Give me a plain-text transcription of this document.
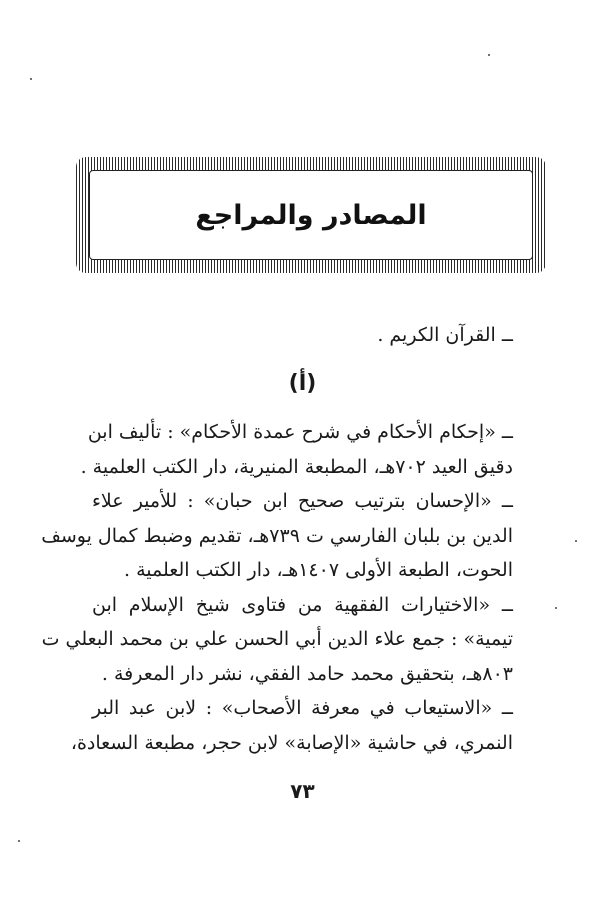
المصادر والمراجع
ــ القرآن الكريم .
(أ)
ــ «إحكام الأحكام في شرح عمدة الأحكام» : تأليف ابن
دقيق العيد ٧٠٢هـ، المطبعة المنيرية، دار الكتب العلمية .
ــ «الإحسان بترتيب صحيح ابن حبان» : للأمير علاء
الدين بن بلبان الفارسي ت ٧٣٩هـ، تقديم وضبط كمال يوسف
الحوت، الطبعة الأولى ١٤٠٧هـ، دار الكتب العلمية .
ــ «الاختيارات الفقهية من فتاوى شيخ الإسلام ابن
تيمية» : جمع علاء الدين أبي الحسن علي بن محمد البعلي ت
٨٠٣هـ، بتحقيق محمد حامد الفقي، نشر دار المعرفة .
ــ «الاستيعاب في معرفة الأصحاب» : لابن عبد البر
النمري، في حاشية «الإصابة» لابن حجر، مطبعة السعادة،
٧٣
